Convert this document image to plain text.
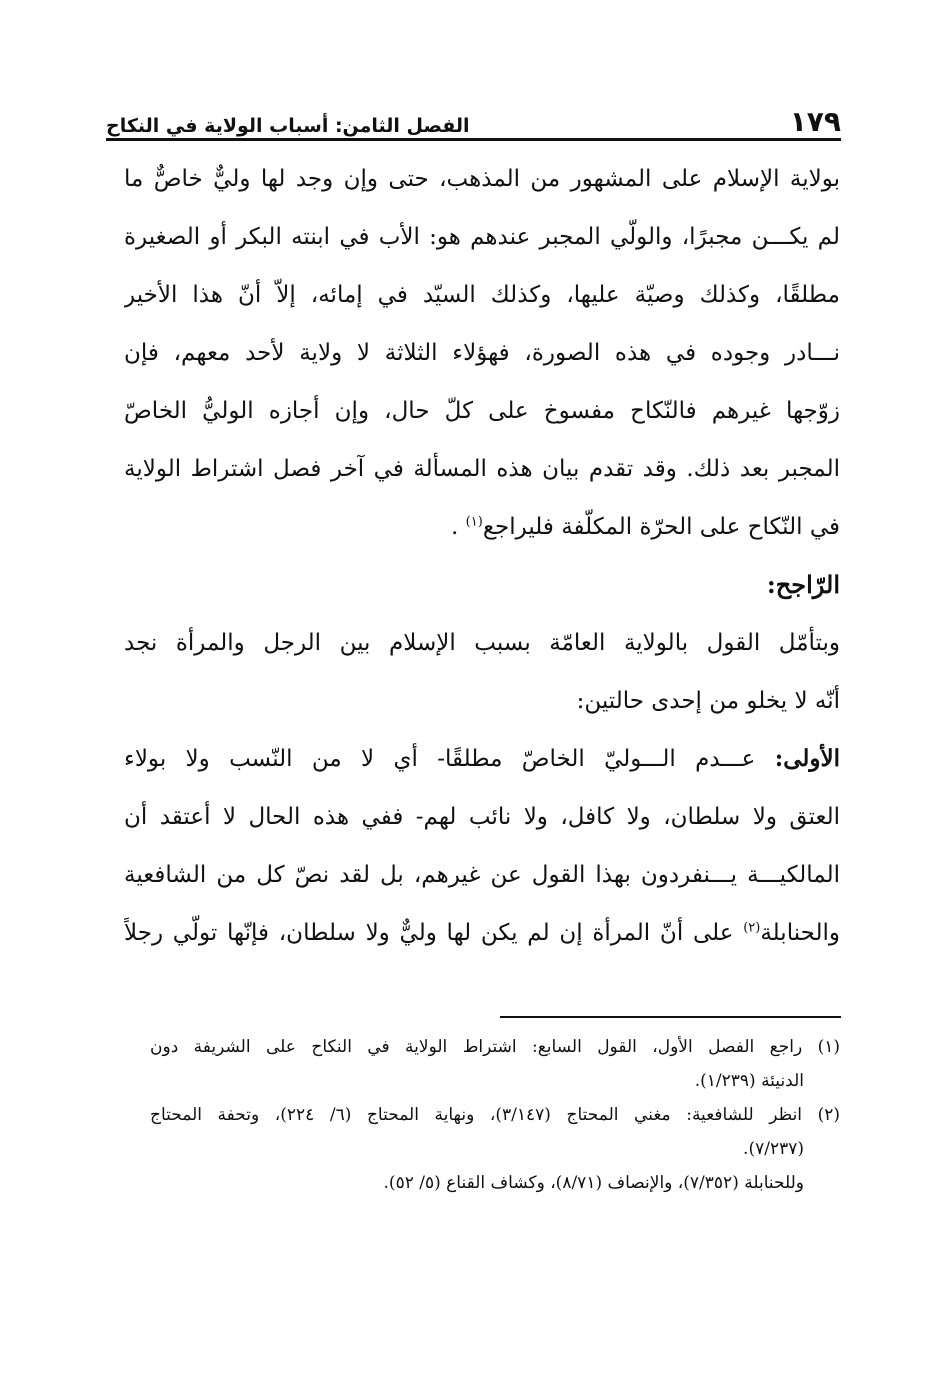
١٧٩
الفصل الثامن: أسباب الولاية في النكاح
بولاية الإسلام على المشهور من المذهب، حتى وإن وجد لها وليٌّ خاصٌّ ما
لم يكـــن مجبرًا، والولّي المجبر عندهم هو: الأب في ابنته البكر أو الصغيرة
مطلقًا، وكذلك وصيّة عليها، وكذلك السيّد في إمائه، إلاّ أنّ هذا الأخير
نـــادر وجوده في هذه الصورة، فهؤلاء الثلاثة لا ولاية لأحد معهم، فإن
زوّجها غيرهم فالنّكاح مفسوخ على كلّ حال، وإن أجازه الوليُّ الخاصّ
المجبر بعد ذلك. وقد تقدم بيان هذه المسألة في آخر فصل اشتراط الولاية
في النّكاح على الحرّة المكلّفة فليراجع$^{(١)}$ .
الرّاجح:
وبتأمّل القول بالولاية العامّة بسبب الإسلام بين الرجل والمرأة نجد
أنّه لا يخلو من إحدى حالتين:
الأولى: عـــدم الـــوليّ الخاصّ مطلقًا- أي لا من النّسب ولا بولاء
العتق ولا سلطان، ولا كافل، ولا نائب لهم- ففي هذه الحال لا أعتقد أن
المالكيـــة يـــنفردون بهذا القول عن غيرهم، بل لقد نصّ كل من الشافعية
والحنابلة$^{(٢)}$ على أنّ المرأة إن لم يكن لها وليٌّ ولا سلطان، فإنّها تولّي رجلاً
(١) راجع الفصل الأول، القول السابع: اشتراط الولاية في النكاح على الشريفة دون
الدنيئة (١/٢٣٩).
(٢) انظر للشافعية: مغني المحتاج (٣/١٤٧)، ونهاية المحتاج (٦/ ٢٢٤)، وتحفة المحتاج
(٧/٢٣٧).
وللحنابلة (٧/٣٥٢)، والإنصاف (٨/٧١)، وكشاف القناع (٥/ ٥٢).
